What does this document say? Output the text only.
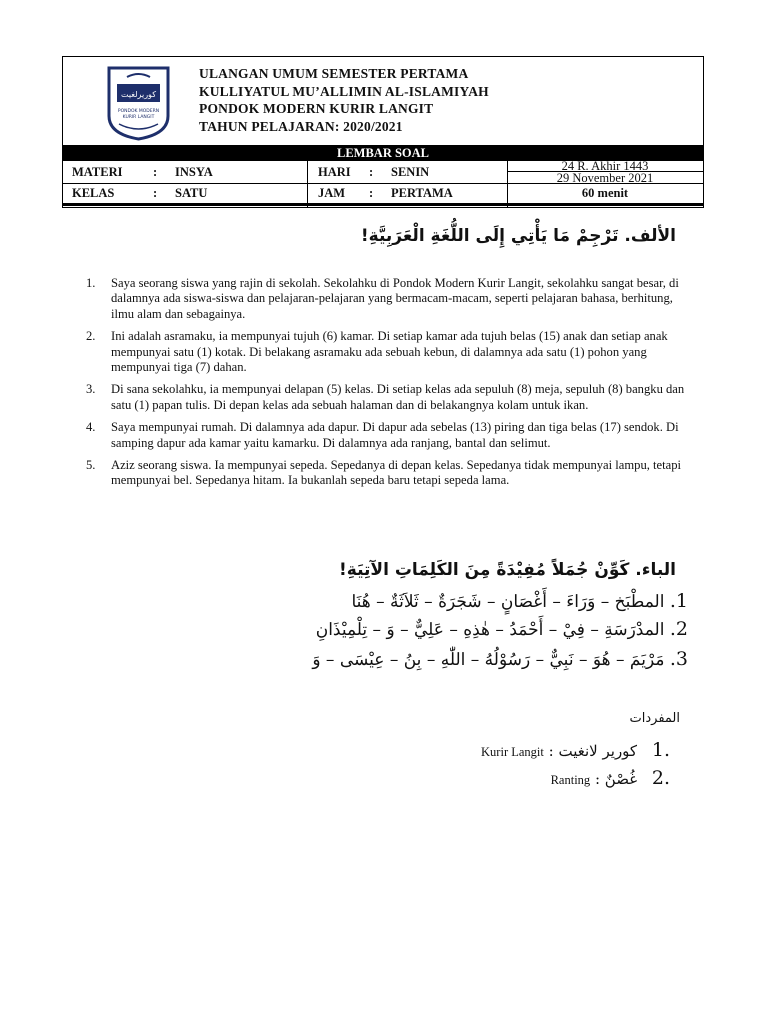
كوريرلغيت
PONDOK MODERN
KURIR LANGIT
ULANGAN UMUM SEMESTER PERTAMA
KULLIYATUL MU’ALLIMIN AL-ISLAMIYAH
PONDOK MODERN KURIR LANGIT
TAHUN PELAJARAN: 2020/2021
LEMBAR SOAL
MATERI : INSYA	HARI : SENIN	24 R. Akhir 1443
29 November 2021
KELAS	: SATU	JAM : PERTAMA	60 menit
الألف. تَرْجِمْ مَا يَأْتِي إِلَى اللُّغَةِ الْعَرَبِيَّةِ!
1. Saya seorang siswa yang rajin di sekolah. Sekolahku di Pondok Modern Kurir Langit, sekolahku sangat besar, di dalamnya ada siswa-siswa dan pelajaran-pelajaran yang bermacam-macam, seperti pelajaran bahasa, berhitung, ilmu alam dan sebagainya.
2. Ini adalah asramaku, ia mempunyai tujuh (6) kamar. Di setiap kamar ada tujuh belas (15) anak dan setiap anak mempunyai satu (1) kotak. Di belakang asramaku ada sebuah kebun, di dalamnya ada satu (1) pohon yang mempunyai tiga (7) dahan.
3. Di sana sekolahku, ia mempunyai delapan (5) kelas. Di setiap kelas ada sepuluh (8) meja, sepuluh (8) bangku dan satu (1) papan tulis. Di depan kelas ada sebuah halaman dan di belakangnya kolam untuk ikan.
4. Saya mempunyai rumah. Di dalamnya ada dapur. Di dapur ada sebelas (13) piring dan tiga belas (17) sendok. Di samping dapur ada kamar yaitu kamarku. Di dalamnya ada ranjang, bantal dan selimut.
5. Aziz seorang siswa. Ia mempunyai sepeda. Sepedanya di depan kelas. Sepedanya tidak mempunyai lampu, tetapi mempunyai bel. Sepedanya hitam. Ia bukanlah sepeda baru tetapi sepeda lama.
الباء. كَوِّنْ جُمَلاً مُفِيْدَةً مِنَ الكَلِمَاتِ الآتِيَةِ!
1. المطْبَخ – وَرَاءَ – أَغْصَانٍ – شَجَرَةٌ – ثَلاَثَةٌ – هُنَا
2. المدْرَسَةِ – فِيْ – أَحْمَدُ – هٰذِهِ – عَلِيٌّ – وَ – تِلْمِيْذَانِ
3. مَرْيَمَ – هُوَ – نَبِيٌّ – رَسُوْلُهُ – اللّٰهِ – بِنُ – عِيْسَى – وَ
المفردات
.1 كورير لانغيت : Kurir Langit
.2 غُصْنٌ : Ranting
